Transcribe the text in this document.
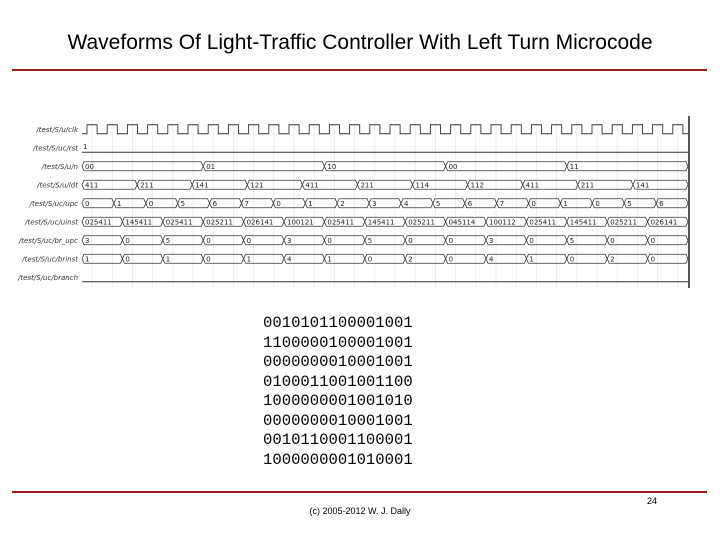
Waveforms Of Light-Traffic Controller With Left Turn Microcode
/test/S/u/clk
/test/S/uc/rst 1
/test/S/u/n 00	01	10	00	11
/test/S/u/ldt 411	211	141	121	411	211	114	112	411	211	141
/test/S/uc/upc 0	1	0	5	6	7	0	1	2	3	4	5	6	7	0	1	0	5	6
/test/S/uc/uinst 025411 145411 025411 025211 026141 100121 025411 145411 025211 045114 100112 025411 145411 025211 026141
/test/S/uc/br_upc 3	0	5	0	0	3	0	5	0	0	3	0	5	0	0
/test/S/uc/brinst 1	0	1	0	1	4	1	0	2	0	4	1	0	2	0
/test/S/uc/branch
0010101100001001
1100000100001001
0000000010001001
0100011001001100
1000000001001010
0000000010001001
0010110001100001
1000000001010001
(c) 2005-2012 W. J. Dally
24
